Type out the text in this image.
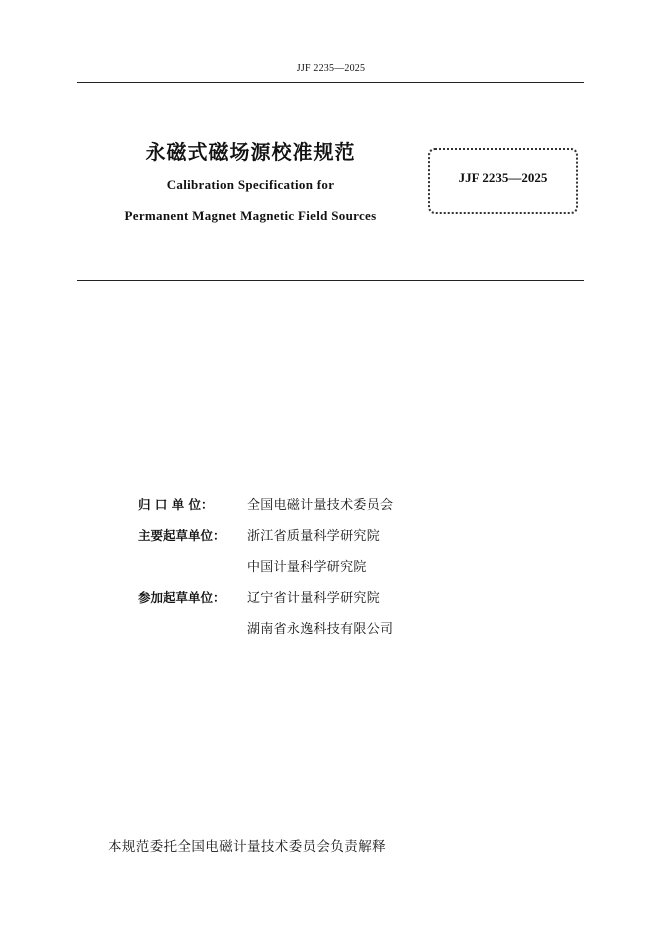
JJF 2235—2025
永磁式磁场源校准规范
Calibration Specification for
Permanent Magnet Magnetic Field Sources
JJF 2235—2025
归 口 单 位：	全国电磁计量技术委员会
主要起草单位： 浙江省质量科学研究院
中国计量科学研究院
参加起草单位： 辽宁省计量科学研究院
湖南省永逸科技有限公司
本规范委托全国电磁计量技术委员会负责解释
